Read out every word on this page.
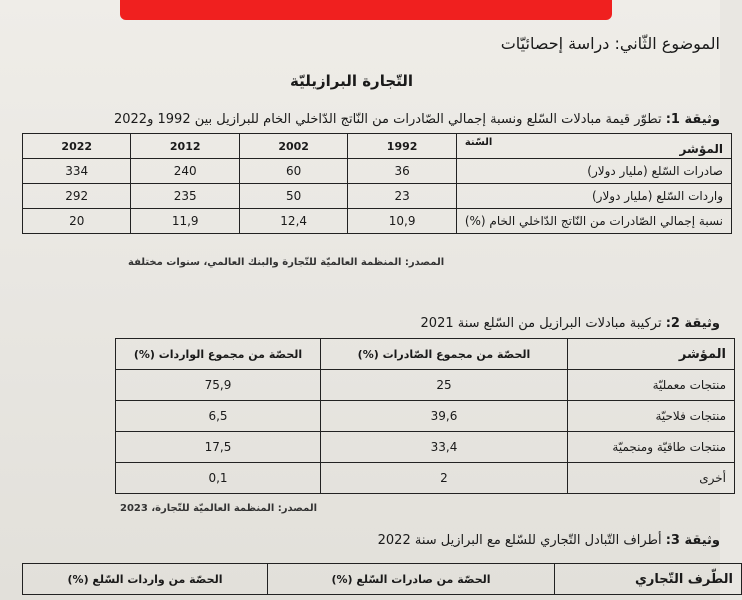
الموضوع الثّاني: دراسة إحصائيّات
التّجارة البرازيليّة
وثيقة 1: تطوّر قيمة مبادلات السّلع ونسبة إجمالي الصّادرات من النّاتج الدّاخلي الخام للبرازيل بين 1992 و2022
السّنة المؤشر	1992	2002	2012	2022
صادرات السّلع (مليار دولار)	36	60	240	334
واردات السّلع (مليار دولار)	23	50	235	292
نسبة إجمالي الصّادرات من النّاتج الدّاخلي الخام (%)	10,9	12,4	11,9	20
المصدر: المنظمة العالميّة للتّجارة والبنك العالمي، سنوات مختلفة
وثيقة 2: تركيبة مبادلات البرازيل من السّلع سنة 2021
المؤشر	الحصّة من مجموع الصّادرات (%)	الحصّة من مجموع الواردات (%)
منتجات معمليّة	25	75,9
منتجات فلاحيّة	39,6	6,5
منتجات طاقيّة ومنجميّة	33,4	17,5
أخرى	2	0,1
المصدر: المنظمة العالميّة للتّجارة، 2023
وثيقة 3: أطراف التّبادل التّجاري للسّلع مع البرازيل سنة 2022
الطّرف التّجاري	الحصّة من صادرات السّلع (%)	الحصّة من واردات السّلع (%)
